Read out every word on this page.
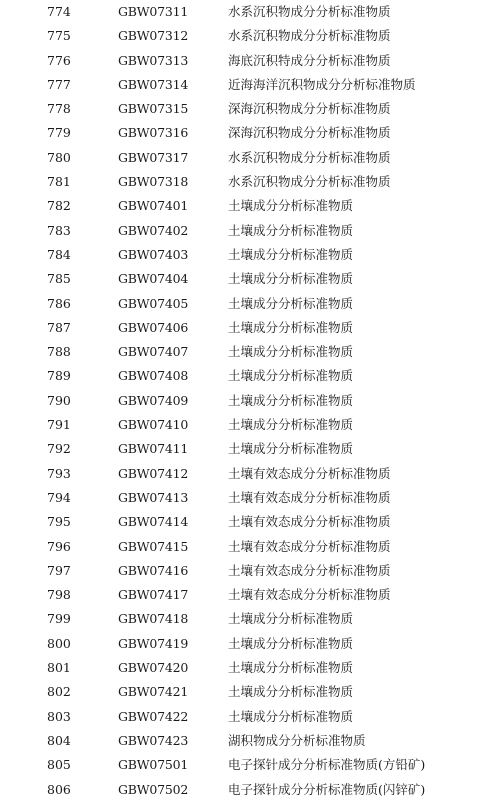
774	GBW07311	水系沉积物成分分析标准物质
775	GBW07312	水系沉积物成分分析标准物质
776	GBW07313	海底沉积特成分分析标准物质
777	GBW07314	近海海洋沉积物成分分析标准物质
778	GBW07315	深海沉积物成分分析标准物质
779	GBW07316	深海沉积物成分分析标准物质
780	GBW07317	水系沉积物成分分析标准物质
781	GBW07318	水系沉积物成分分析标准物质
782	GBW07401	土壤成分分析标准物质
783	GBW07402	土壤成分分析标准物质
784	GBW07403	土壤成分分析标准物质
785	GBW07404	土壤成分分析标准物质
786	GBW07405	土壤成分分析标准物质
787	GBW07406	土壤成分分析标准物质
788	GBW07407	土壤成分分析标准物质
789	GBW07408	土壤成分分析标准物质
790	GBW07409	土壤成分分析标准物质
791	GBW07410	土壤成分分析标准物质
792	GBW07411	土壤成分分析标准物质
793	GBW07412	土壤有效态成分分析标准物质
794	GBW07413	土壤有效态成分分析标准物质
795	GBW07414	土壤有效态成分分析标准物质
796	GBW07415	土壤有效态成分分析标准物质
797	GBW07416	土壤有效态成分分析标准物质
798	GBW07417	土壤有效态成分分析标准物质
799	GBW07418	土壤成分分析标准物质
800	GBW07419	土壤成分分析标准物质
801	GBW07420	土壤成分分析标准物质
802	GBW07421	土壤成分分析标准物质
803	GBW07422	土壤成分分析标准物质
804	GBW07423	湖积物成分分析标准物质
805	GBW07501	电子探针成分分析标准物质(方铅矿)
806	GBW07502	电子探针成分分析标准物质(闪锌矿)
